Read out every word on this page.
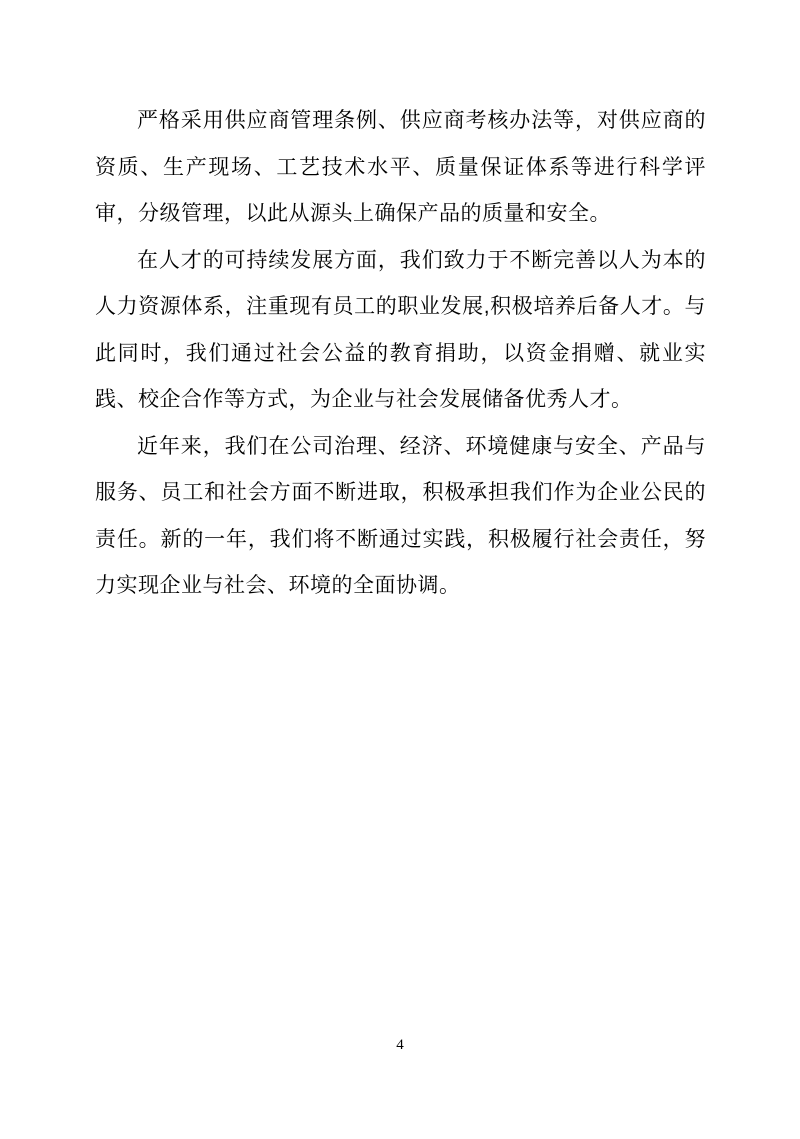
严格采用供应商管理条例、供应商考核办法等，对供应商的资质、生产现场、工艺技术水平、质量保证体系等进行科学评审，分级管理，以此从源头上确保产品的质量和安全。

在人才的可持续发展方面，我们致力于不断完善以人为本的人力资源体系，注重现有员工的职业发展,积极培养后备人才。与此同时，我们通过社会公益的教育捐助，以资金捐赠、就业实践、校企合作等方式，为企业与社会发展储备优秀人才。

近年来，我们在公司治理、经济、环境健康与安全、产品与服务、员工和社会方面不断进取，积极承担我们作为企业公民的责任。新的一年，我们将不断通过实践，积极履行社会责任，努力实现企业与社会、环境的全面协调。

4
